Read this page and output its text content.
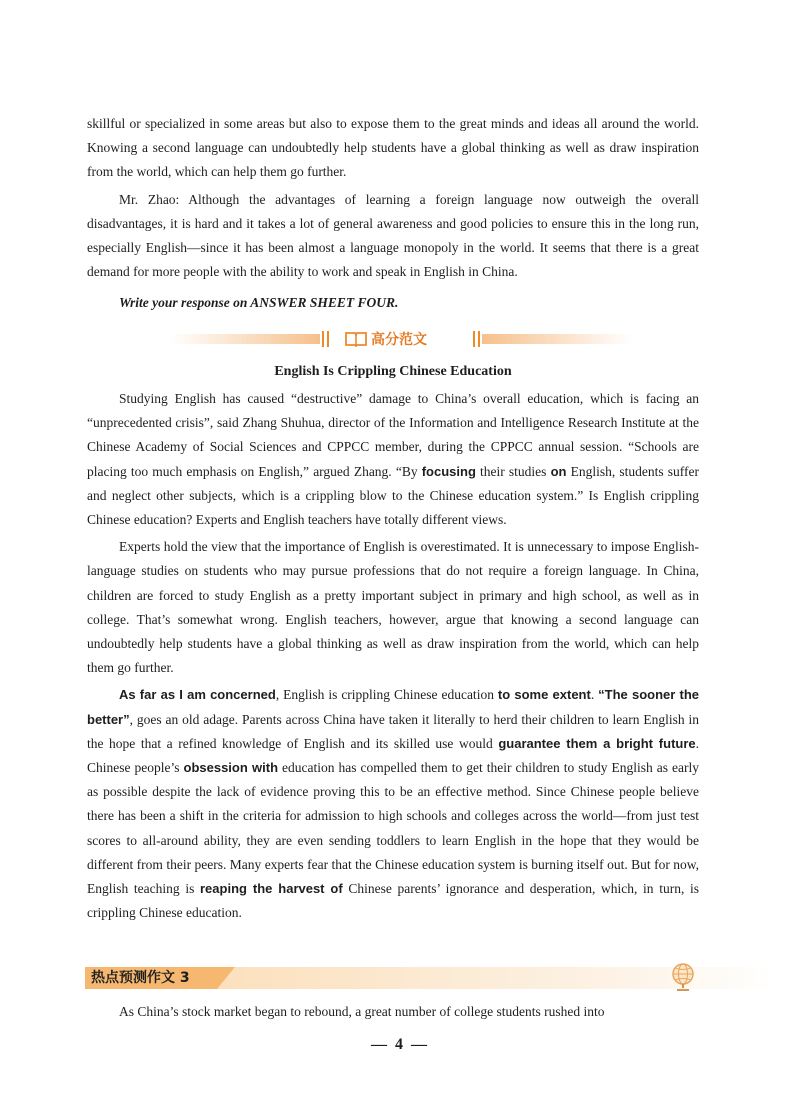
skillful or specialized in some areas but also to expose them to the great minds and ideas all around the world. Knowing a second language can undoubtedly help students have a global thinking as well as draw inspiration from the world, which can help them go further.

Mr. Zhao: Although the advantages of learning a foreign language now outweigh the overall disadvantages, it is hard and it takes a lot of general awareness and good policies to ensure this in the long run, especially English—since it has been almost a language monopoly in the world. It seems that there is a great demand for more people with the ability to work and speak in English in China.

Write your response on ANSWER SHEET FOUR.

高分范文
English Is Crippling Chinese Education

Studying English has caused “destructive” damage to China’s overall education, which is facing an “unprecedented crisis”, said Zhang Shuhua, director of the Information and Intelligence Research Institute at the Chinese Academy of Social Sciences and CPPCC member, during the CPPCC annual session. “Schools are placing too much emphasis on English,” argued Zhang. “By focusing their studies on English, students suffer and neglect other subjects, which is a crippling blow to the Chinese education system.” Is English crippling Chinese education? Experts and English teachers have totally different views.

Experts hold the view that the importance of English is overestimated. It is unnecessary to impose English-language studies on students who may pursue professions that do not require a foreign language. In China, children are forced to study English as a pretty important subject in primary and high school, as well as in college. That’s somewhat wrong. English teachers, however, argue that knowing a second language can undoubtedly help students have a global thinking as well as draw inspiration from the world, which can help them go further.

As far as I am concerned, English is crippling Chinese education to some extent. “The sooner the better”, goes an old adage. Parents across China have taken it literally to herd their children to learn English in the hope that a refined knowledge of English and its skilled use would guarantee them a bright future. Chinese people’s obsession with education has compelled them to get their children to study English as early as possible despite the lack of evidence proving this to be an effective method. Since Chinese people believe there has been a shift in the criteria for admission to high schools and colleges across the world—from just test scores to all-around ability, they are even sending toddlers to learn English in the hope that they would be different from their peers. Many experts fear that the Chinese education system is burning itself out. But for now, English teaching is reaping the harvest of Chinese parents’ ignorance and desperation, which, in turn, is crippling Chinese education.

热点预测作文 3

As China’s stock market began to rebound, a great number of college students rushed into

— 4 —
